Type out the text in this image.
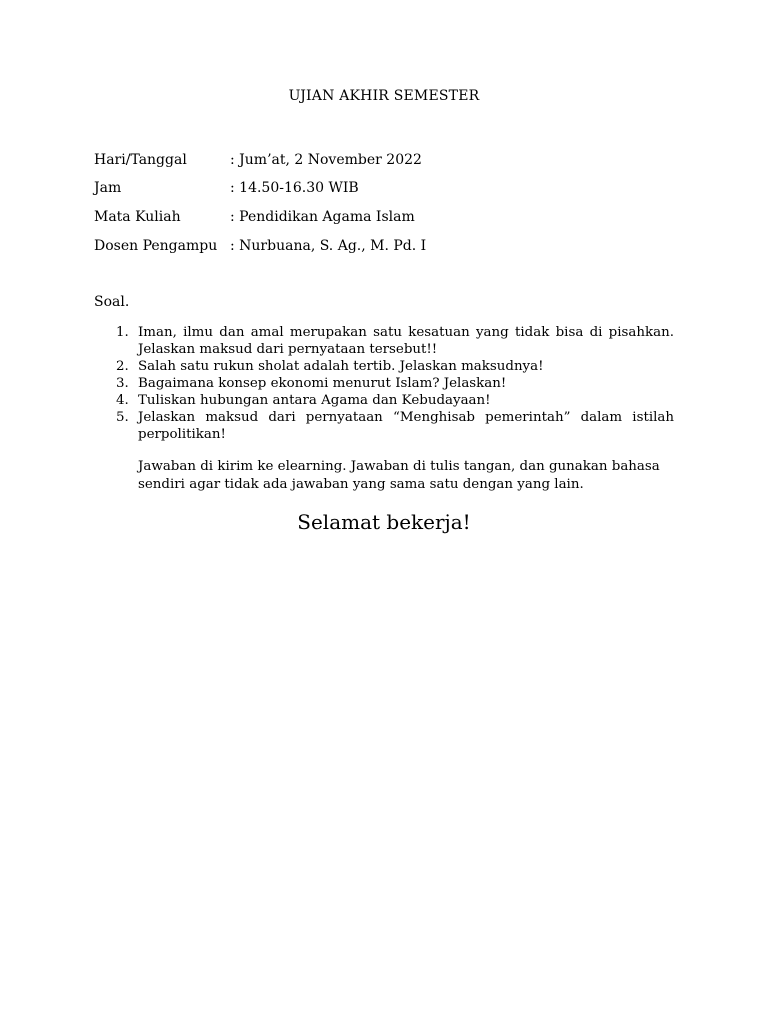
UJIAN AKHIR SEMESTER
Hari/Tanggal	: Jum’at, 2 November 2022
Jam	: 14.50-16.30 WIB
Mata Kuliah	: Pendidikan Agama Islam
Dosen Pengampu : Nurbuana, S. Ag., M. Pd. I
Soal.
1. Iman, ilmu dan amal merupakan satu kesatuan yang tidak bisa di pisahkan. Jelaskan maksud dari pernyataan tersebut!!
2. Salah satu rukun sholat adalah tertib. Jelaskan maksudnya!
3. Bagaimana konsep ekonomi menurut Islam? Jelaskan!
4. Tuliskan hubungan antara Agama dan Kebudayaan!
5. Jelaskan maksud dari pernyataan “Menghisab pemerintah” dalam istilah perpolitikan!
Jawaban di kirim ke elearning. Jawaban di tulis tangan, dan gunakan bahasa sendiri agar tidak ada jawaban yang sama satu dengan yang lain.
Selamat bekerja!
